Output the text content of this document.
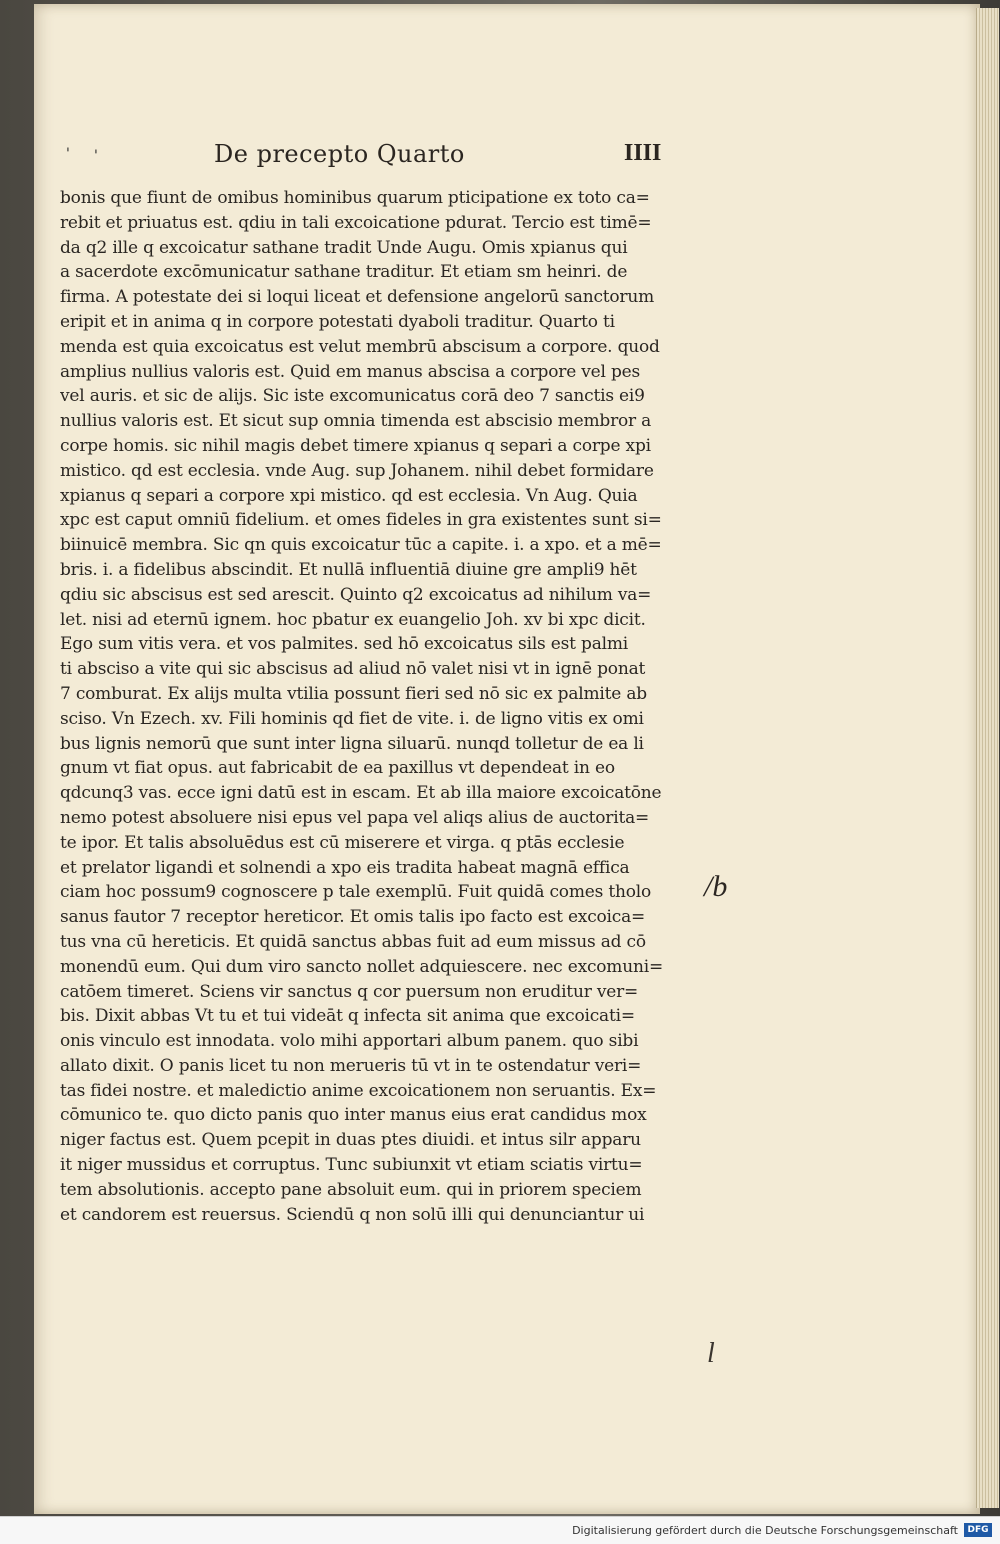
' '	De precepto Quarto	IIII
bonis que fiunt de omibus hominibus quarum pticipatione ex toto ca=
rebit et priuatus est. qdiu in tali excoicatione pdurat. Tercio est timē=
da q2 ille q excoicatur sathane tradit Unde Augu. Omis xpianus qui
a sacerdote excōmunicatur sathane traditur. Et etiam sm heinri. de
firma. A potestate dei si loqui liceat et defensione angelorū sanctorum
eripit et in anima q in corpore potestati dyaboli traditur. Quarto ti
menda est quia excoicatus est velut membrū abscisum a corpore. quod
amplius nullius valoris est. Quid em manus abscisa a corpore vel pes
vel auris. et sic de alijs. Sic iste excomunicatus corā deo 7 sanctis ei9
nullius valoris est. Et sicut sup omnia timenda est abscisio membror a
corpe homis. sic nihil magis debet timere xpianus q separi a corpe xpi
mistico. qd est ecclesia. vnde Aug. sup Johanem. nihil debet formidare
xpianus q separi a corpore xpi mistico. qd est ecclesia. Vn Aug. Quia
xpc est caput omniū fidelium. et omes fideles in gra existentes sunt si=
biinuicē membra. Sic qn quis excoicatur tūc a capite. i. a xpo. et a mē=
bris. i. a fidelibus abscindit. Et nullā influentiā diuine gre ampli9 hēt
qdiu sic abscisus est sed arescit. Quinto q2 excoicatus ad nihilum va=
let. nisi ad eternū ignem. hoc pbatur ex euangelio Joh. xv bi xpc dicit.
Ego sum vitis vera. et vos palmites. sed hō excoicatus sils est palmi
ti absciso a vite qui sic abscisus ad aliud nō valet nisi vt in ignē ponat
7 comburat. Ex alijs multa vtilia possunt fieri sed nō sic ex palmite ab
sciso. Vn Ezech. xv. Fili hominis qd fiet de vite. i. de ligno vitis ex omi
bus lignis nemorū que sunt inter ligna siluarū. nunqd tolletur de ea li
gnum vt fiat opus. aut fabricabit de ea paxillus vt dependeat in eo
qdcunq3 vas. ecce igni datū est in escam. Et ab illa maiore excoicatōne
nemo potest absoluere nisi epus vel papa vel aliqs alius de auctorita=
te ipor. Et talis absoluēdus est cū miserere et virga. q ptās ecclesie
et prelator ligandi et solnendi a xpo eis tradita habeat magnā effica
ciam hoc possum9 cognoscere p tale exemplū. Fuit quidā comes tholo
sanus fautor 7 receptor hereticor. Et omis talis ipo facto est excoica=
tus vna cū hereticis. Et quidā sanctus abbas fuit ad eum missus ad cō
monendū eum. Qui dum viro sancto nollet adquiescere. nec excomuni=
catōem timeret. Sciens vir sanctus q cor puersum non eruditur ver=
bis. Dixit abbas Vt tu et tui videāt q infecta sit anima que excoicati=
onis vinculo est innodata. volo mihi apportari album panem. quo sibi
allato dixit. O panis licet tu non merueris tū vt in te ostendatur veri=
tas fidei nostre. et maledictio anime excoicationem non seruantis. Ex=
cōmunico te. quo dicto panis quo inter manus eius erat candidus mox
niger factus est. Quem pcepit in duas ptes diuidi. et intus silr apparu
it niger mussidus et corruptus. Tunc subiunxit vt etiam sciatis virtu=
tem absolutionis. accepto pane absoluit eum. qui in priorem speciem
et candorem est reuersus. Sciendū q non solū illi qui denunciantur ui
/b
l
Digitalisierung gefördert durch die Deutsche Forschungsgemeinschaft	DFG
